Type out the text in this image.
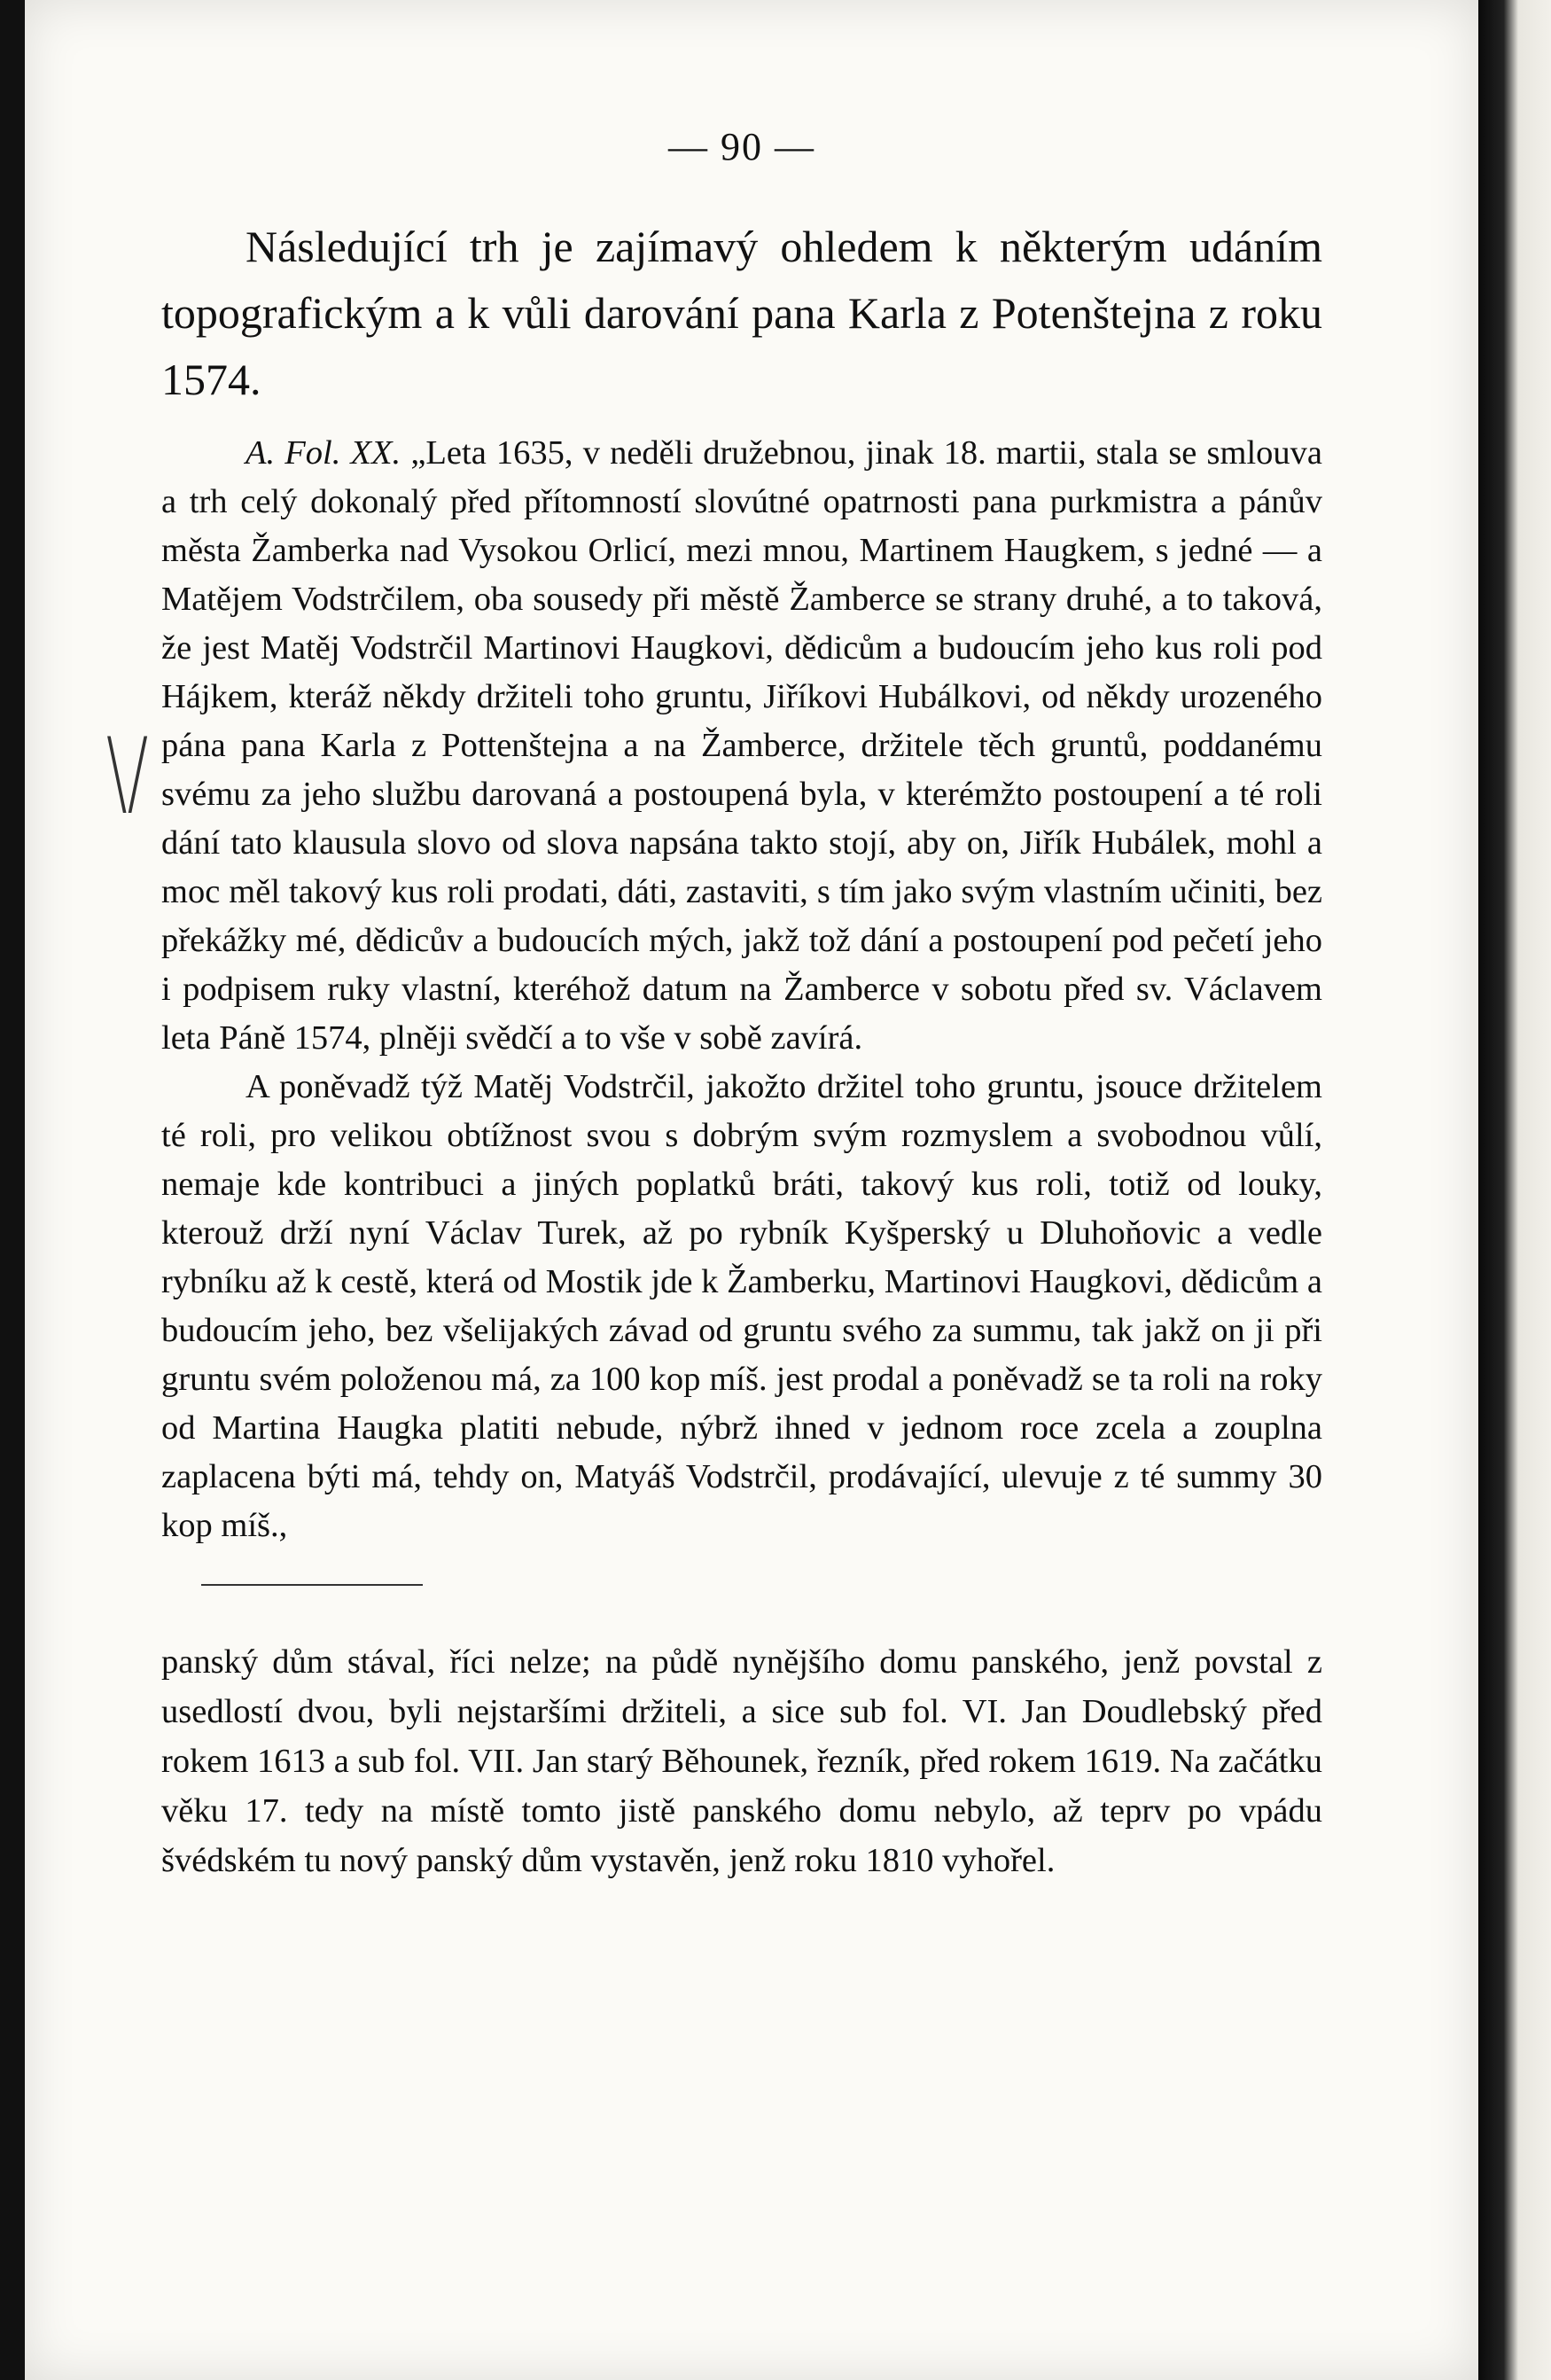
\/
— 90 —

Následující trh je zajímavý ohledem k některým udáním topografickým a k vůli darování pana Karla z Potenštejna z roku 1574.

A. Fol. XX. „Leta 1635, v neděli družebnou, jinak 18. martii, stala se smlouva a trh celý dokonalý před přítomností slovútné opatrnosti pana purkmistra a pánův města Žamberka nad Vysokou Orlicí, mezi mnou, Martinem Haugkem, s jedné — a Matějem Vodstrčilem, oba sousedy při městě Žamberce se strany druhé, a to taková, že jest Matěj Vodstrčil Martinovi Haugkovi, dědicům a budoucím jeho kus roli pod Hájkem, kteráž někdy držiteli toho gruntu, Jiříkovi Hubálkovi, od někdy urozeného pána pana Karla z Pottenštejna a na Žamberce, držitele těch gruntů, poddanému svému za jeho službu darovaná a postoupená byla, v kterémžto postoupení a té roli dání tato klausula slovo od slova napsána takto stojí, aby on, Jiřík Hubálek, mohl a moc měl takový kus roli prodati, dáti, zastaviti, s tím jako svým vlastním učiniti, bez překážky mé, dědicův a budoucích mých, jakž tož dání a postoupení pod pečetí jeho i podpisem ruky vlastní, kteréhož datum na Žamberce v sobotu před sv. Václavem leta Páně 1574, plněji svědčí a to vše v sobě zavírá.

A poněvadž týž Matěj Vodstrčil, jakožto držitel toho gruntu, jsouce držitelem té roli, pro velikou obtížnost svou s dobrým svým rozmyslem a svobodnou vůlí, nemaje kde kontribuci a jiných poplatků bráti, takový kus roli, totiž od louky, kterouž drží nyní Václav Turek, až po rybník Kyšperský u Dluhoňovic a vedle rybníku až k cestě, která od Mostik jde k Žamberku, Martinovi Haugkovi, dědicům a budoucím jeho, bez všelijakých závad od gruntu svého za summu, tak jakž on ji při gruntu svém položenou má, za 100 kop míš. jest prodal a poněvadž se ta roli na roky od Martina Haugka platiti nebude, nýbrž ihned v jednom roce zcela a zouplna zaplacena býti má, tehdy on, Matyáš Vodstrčil, prodávající, ulevuje z té summy 30 kop míš.,

panský dům stával, říci nelze; na půdě nynějšího domu panského, jenž povstal z usedlostí dvou, byli nejstaršími držiteli, a sice sub fol. VI. Jan Doudlebský před rokem 1613 a sub fol. VII. Jan starý Běhounek, řezník, před rokem 1619. Na začátku věku 17. tedy na místě tomto jistě panského domu nebylo, až teprv po vpádu švédském tu nový panský dům vystavěn, jenž roku 1810 vyhořel.
